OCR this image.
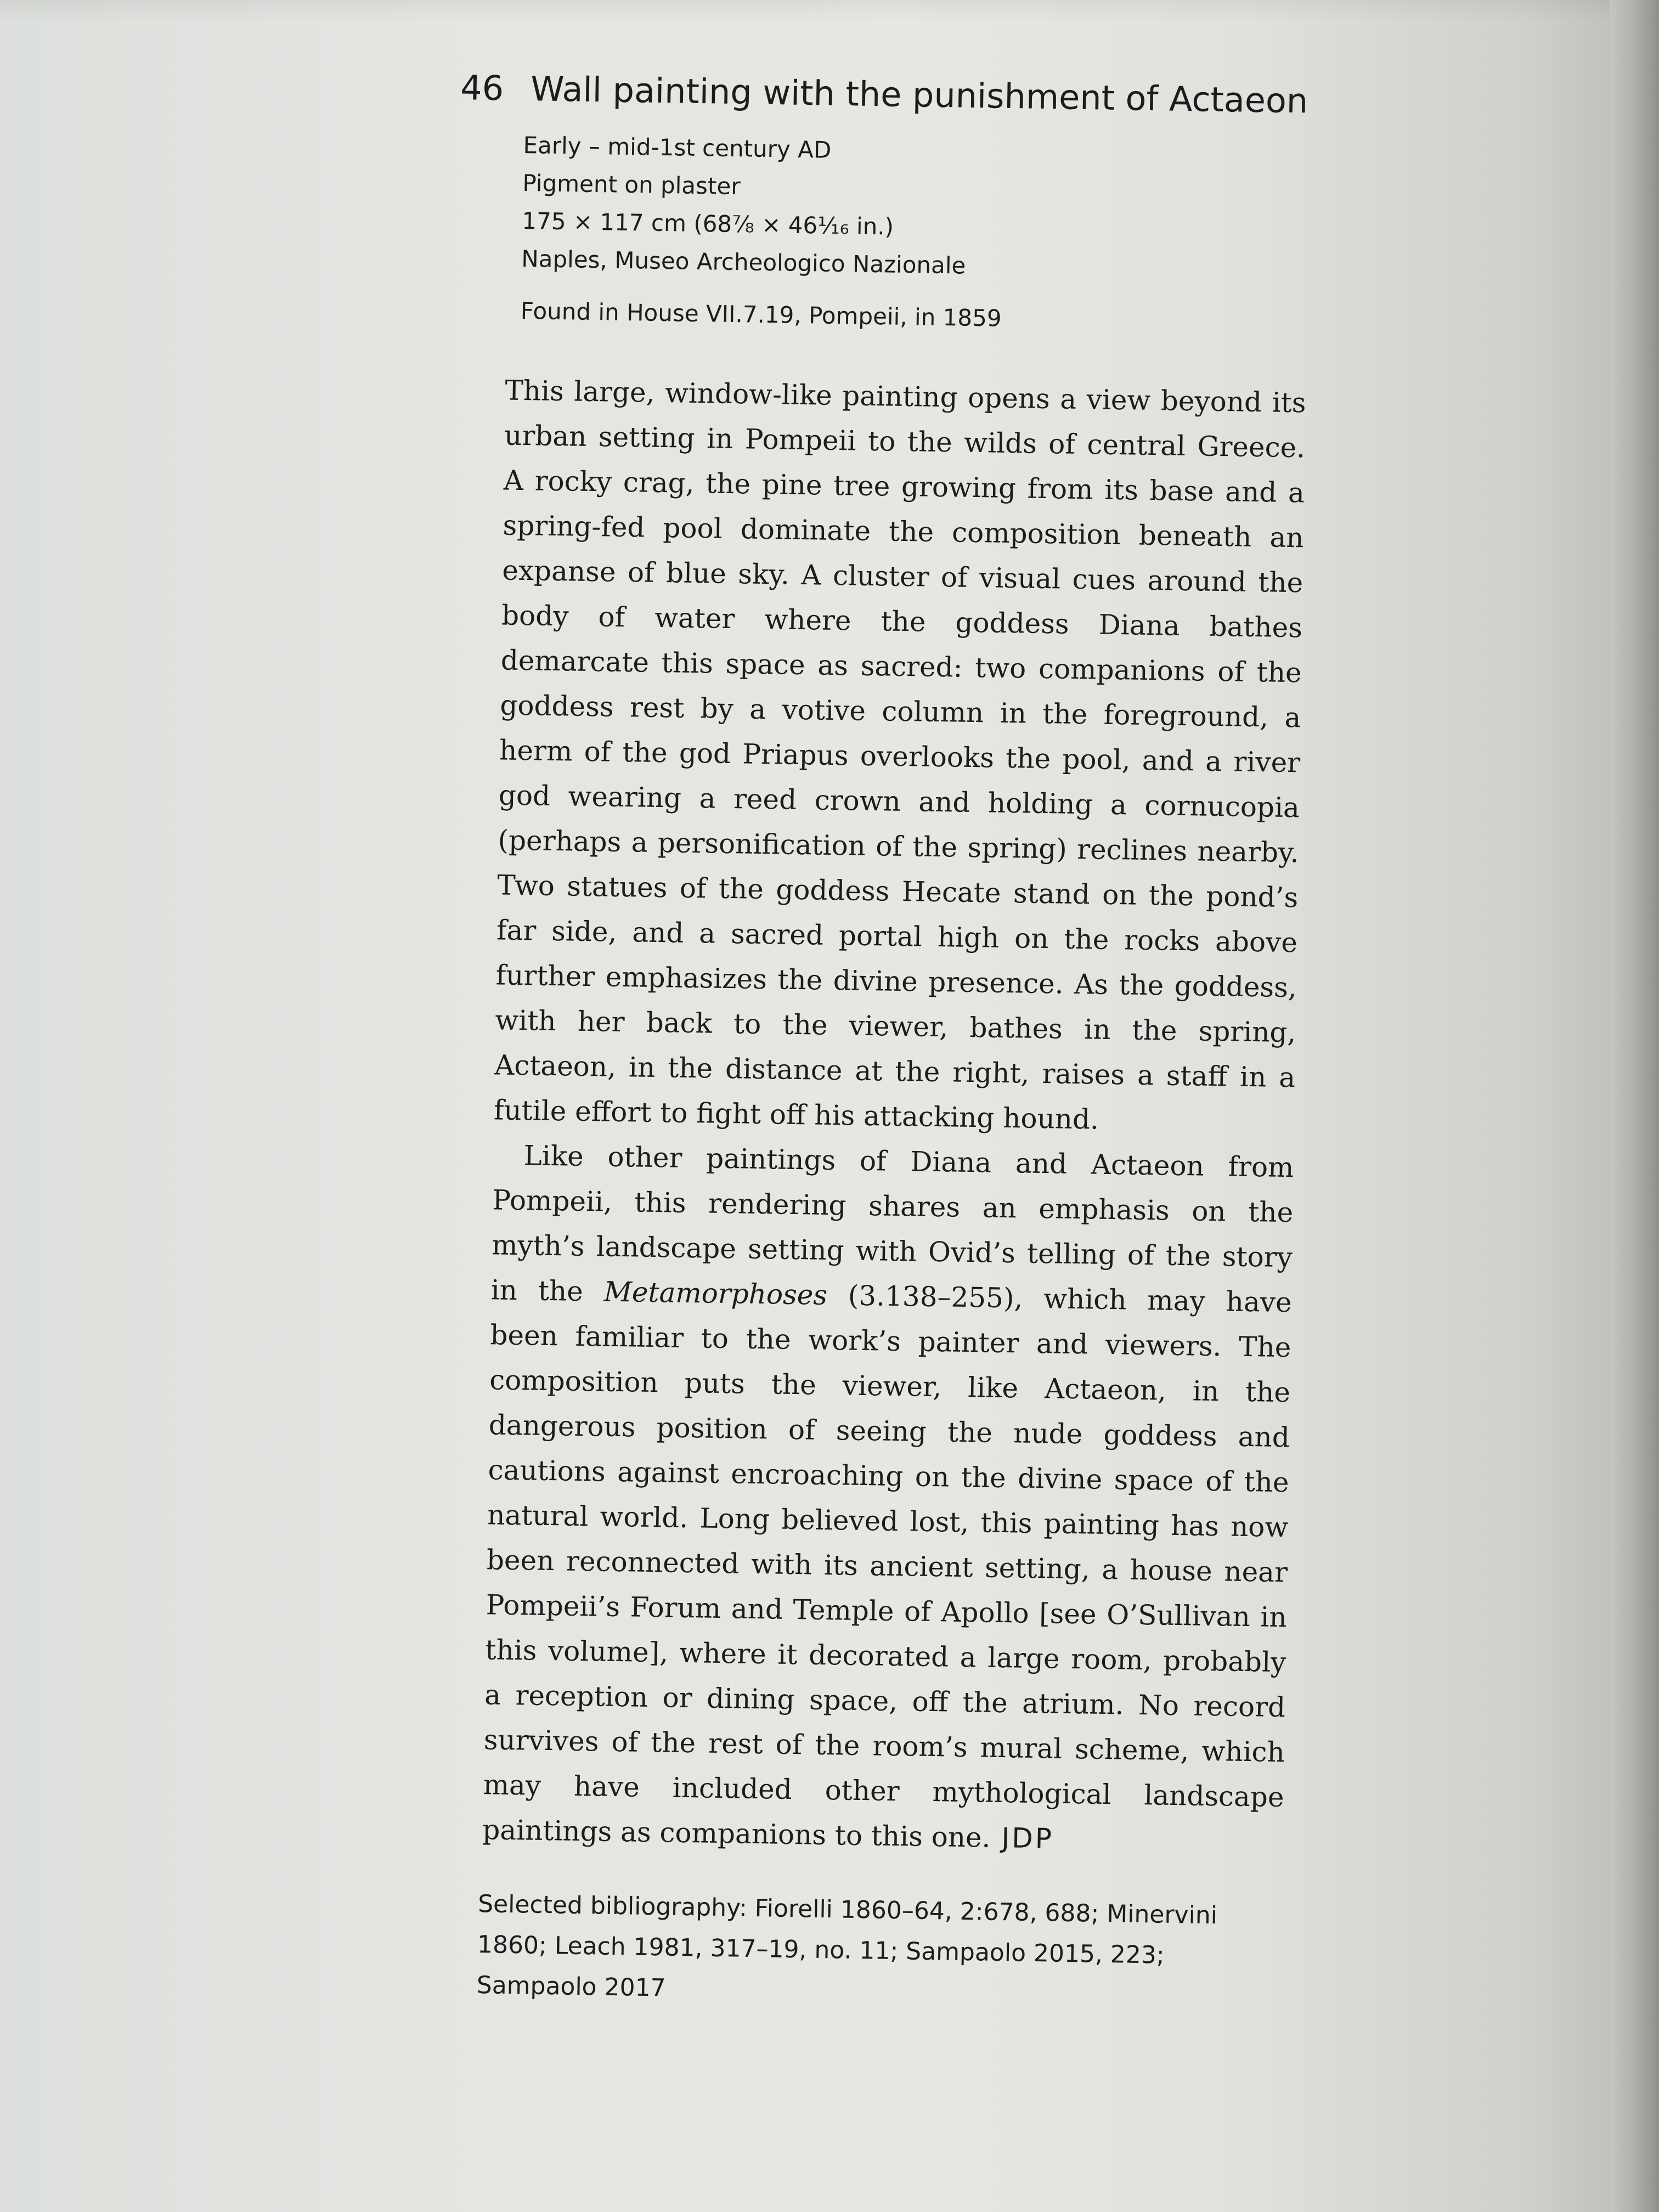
46 Wall painting with the punishment of Actaeon
Early – mid-1st century AD
Pigment on plaster
175 × 117 cm (68⅞ × 46¹⁄₁₆ in.)
Naples, Museo Archeologico Nazionale
Found in House VII.7.19, Pompeii, in 1859

This large, window-like painting opens a view beyond its urban setting in Pompeii to the wilds of central Greece. A rocky crag, the pine tree growing from its base and a spring-fed pool dominate the composition beneath an expanse of blue sky. A cluster of visual cues around the body of water where the goddess Diana bathes demarcate this space as sacred: two companions of the goddess rest by a votive column in the foreground, a herm of the god Priapus overlooks the pool, and a river god wearing a reed crown and holding a cornucopia (perhaps a personification of the spring) reclines nearby. Two statues of the goddess Hecate stand on the pond’s far side, and a sacred portal high on the rocks above further emphasizes the divine presence. As the goddess, with her back to the viewer, bathes in the spring, Actaeon, in the distance at the right, raises a staff in a futile effort to fight off his attacking hound.

Like other paintings of Diana and Actaeon from Pompeii, this rendering shares an emphasis on the myth’s landscape setting with Ovid’s telling of the story in the Metamorphoses (3.138–255), which may have been familiar to the work’s painter and viewers. The composition puts the viewer, like Actaeon, in the dangerous position of seeing the nude goddess and cautions against encroaching on the divine space of the natural world. Long believed lost, this painting has now been reconnected with its ancient setting, a house near Pompeii’s Forum and Temple of Apollo [see O’Sullivan in this volume], where it decorated a large room, probably a reception or dining space, off the atrium. No record survives of the rest of the room’s mural scheme, which may have included other mythological landscape paintings as companions to this one. JDP

Selected bibliography: Fiorelli 1860–64, 2:678, 688; Minervini 1860; Leach 1981, 317–19, no. 11; Sampaolo 2015, 223; Sampaolo 2017
